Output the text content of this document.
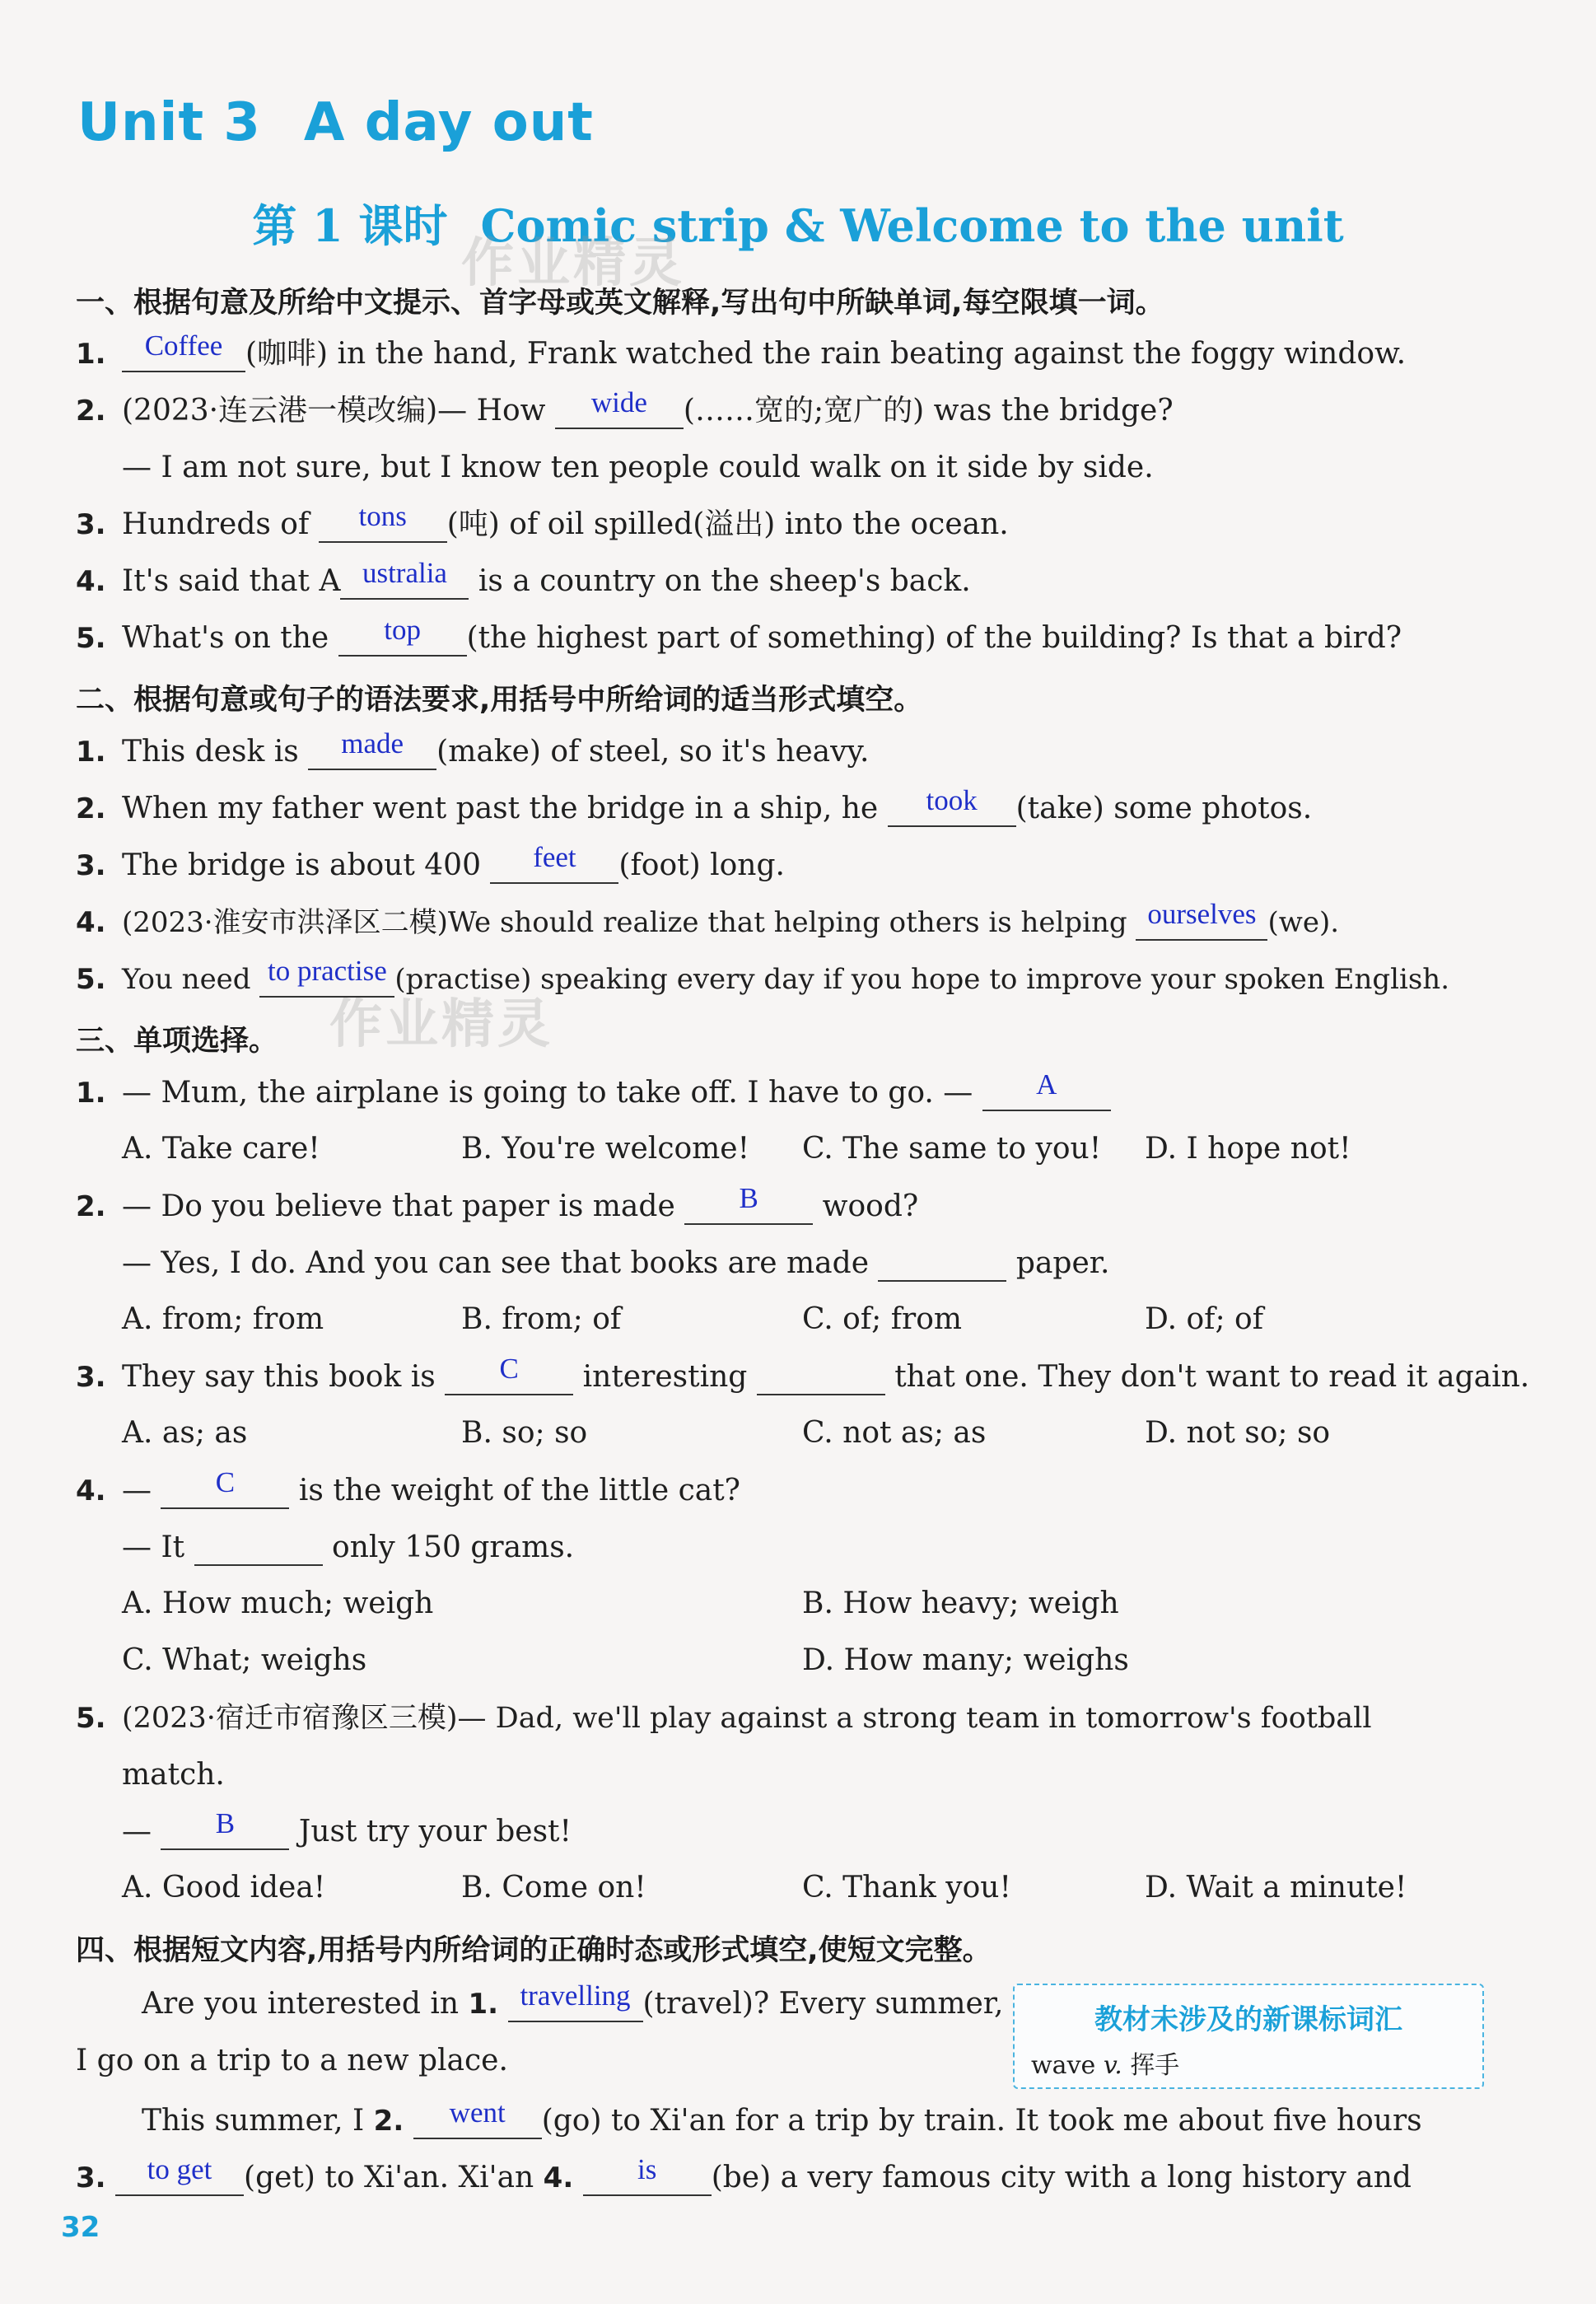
Unit 3 A day out
第 1 课时 Comic strip & Welcome to the unit
作业精灵
作业精灵
一、根据句意及所给中文提示、首字母或英文解释,写出句中所缺单词,每空限填一词。
1.	Coffee (咖啡) in the hand, Frank watched the rain beating against the foggy window.
2. (2023·连云港一模改编)— How	wide	(……宽的;宽广的) was the bridge?
— I am not sure, but I know ten people could walk on it side by side.
3. Hundreds of	tons	(吨) of oil spilled(溢出) into the ocean.
4. It's said that A ustralia is a country on the sheep's back.
5. What's on the	top	(the highest part of something) of the building? Is that a bird?
二、根据句意或句子的语法要求,用括号中所给词的适当形式填空。
1. This desk is	made	(make) of steel, so it's heavy.
2. When my father went past the bridge in a ship, he	took	(take) some photos.
3. The bridge is about 400	feet	(foot) long.
4. (2023·淮安市洪泽区二模)We should realize that helping others is helping ourselves (we).
5. You need to practise (practise) speaking every day if you hope to improve your spoken English.
三、单项选择。
1. — Mum, the airplane is going to take off. I have to go. —	A
A. Take care!	B. You're welcome! C. The same to you! D. I hope not!
2. — Do you believe that paper is made	B	wood?
— Yes, I do. And you can see that books are made	paper.
A. from; from	B. from; of	C. of; from	D. of; of
3. They say this book is	C	interesting	that one. They don't want to read it again.
A. as; as	B. so; so	C. not as; as	D. not so; so
4. —	C	is the weight of the little cat?
— It	only 150 grams.
A. How much; weigh	B. How heavy; weigh
C. What; weighs	D. How many; weighs
5. (2023·宿迁市宿豫区三模)— Dad, we'll play against a strong team in tomorrow's football
match.
—	B	Just try your best!
A. Good idea!	B. Come on!	C. Thank you!	D. Wait a minute!
四、根据短文内容,用括号内所给词的正确时态或形式填空,使短文完整。
Are you interested in 1. travelling (travel)? Every summer,
I go on a trip to a new place.
教材未涉及的新课标词汇
wave v. 挥手
This summer, I 2.	went	(go) to Xi'an for a trip by train. It took me about five hours
3.	to get	(get) to Xi'an. Xi'an 4.	is	(be) a very famous city with a long history and
32
